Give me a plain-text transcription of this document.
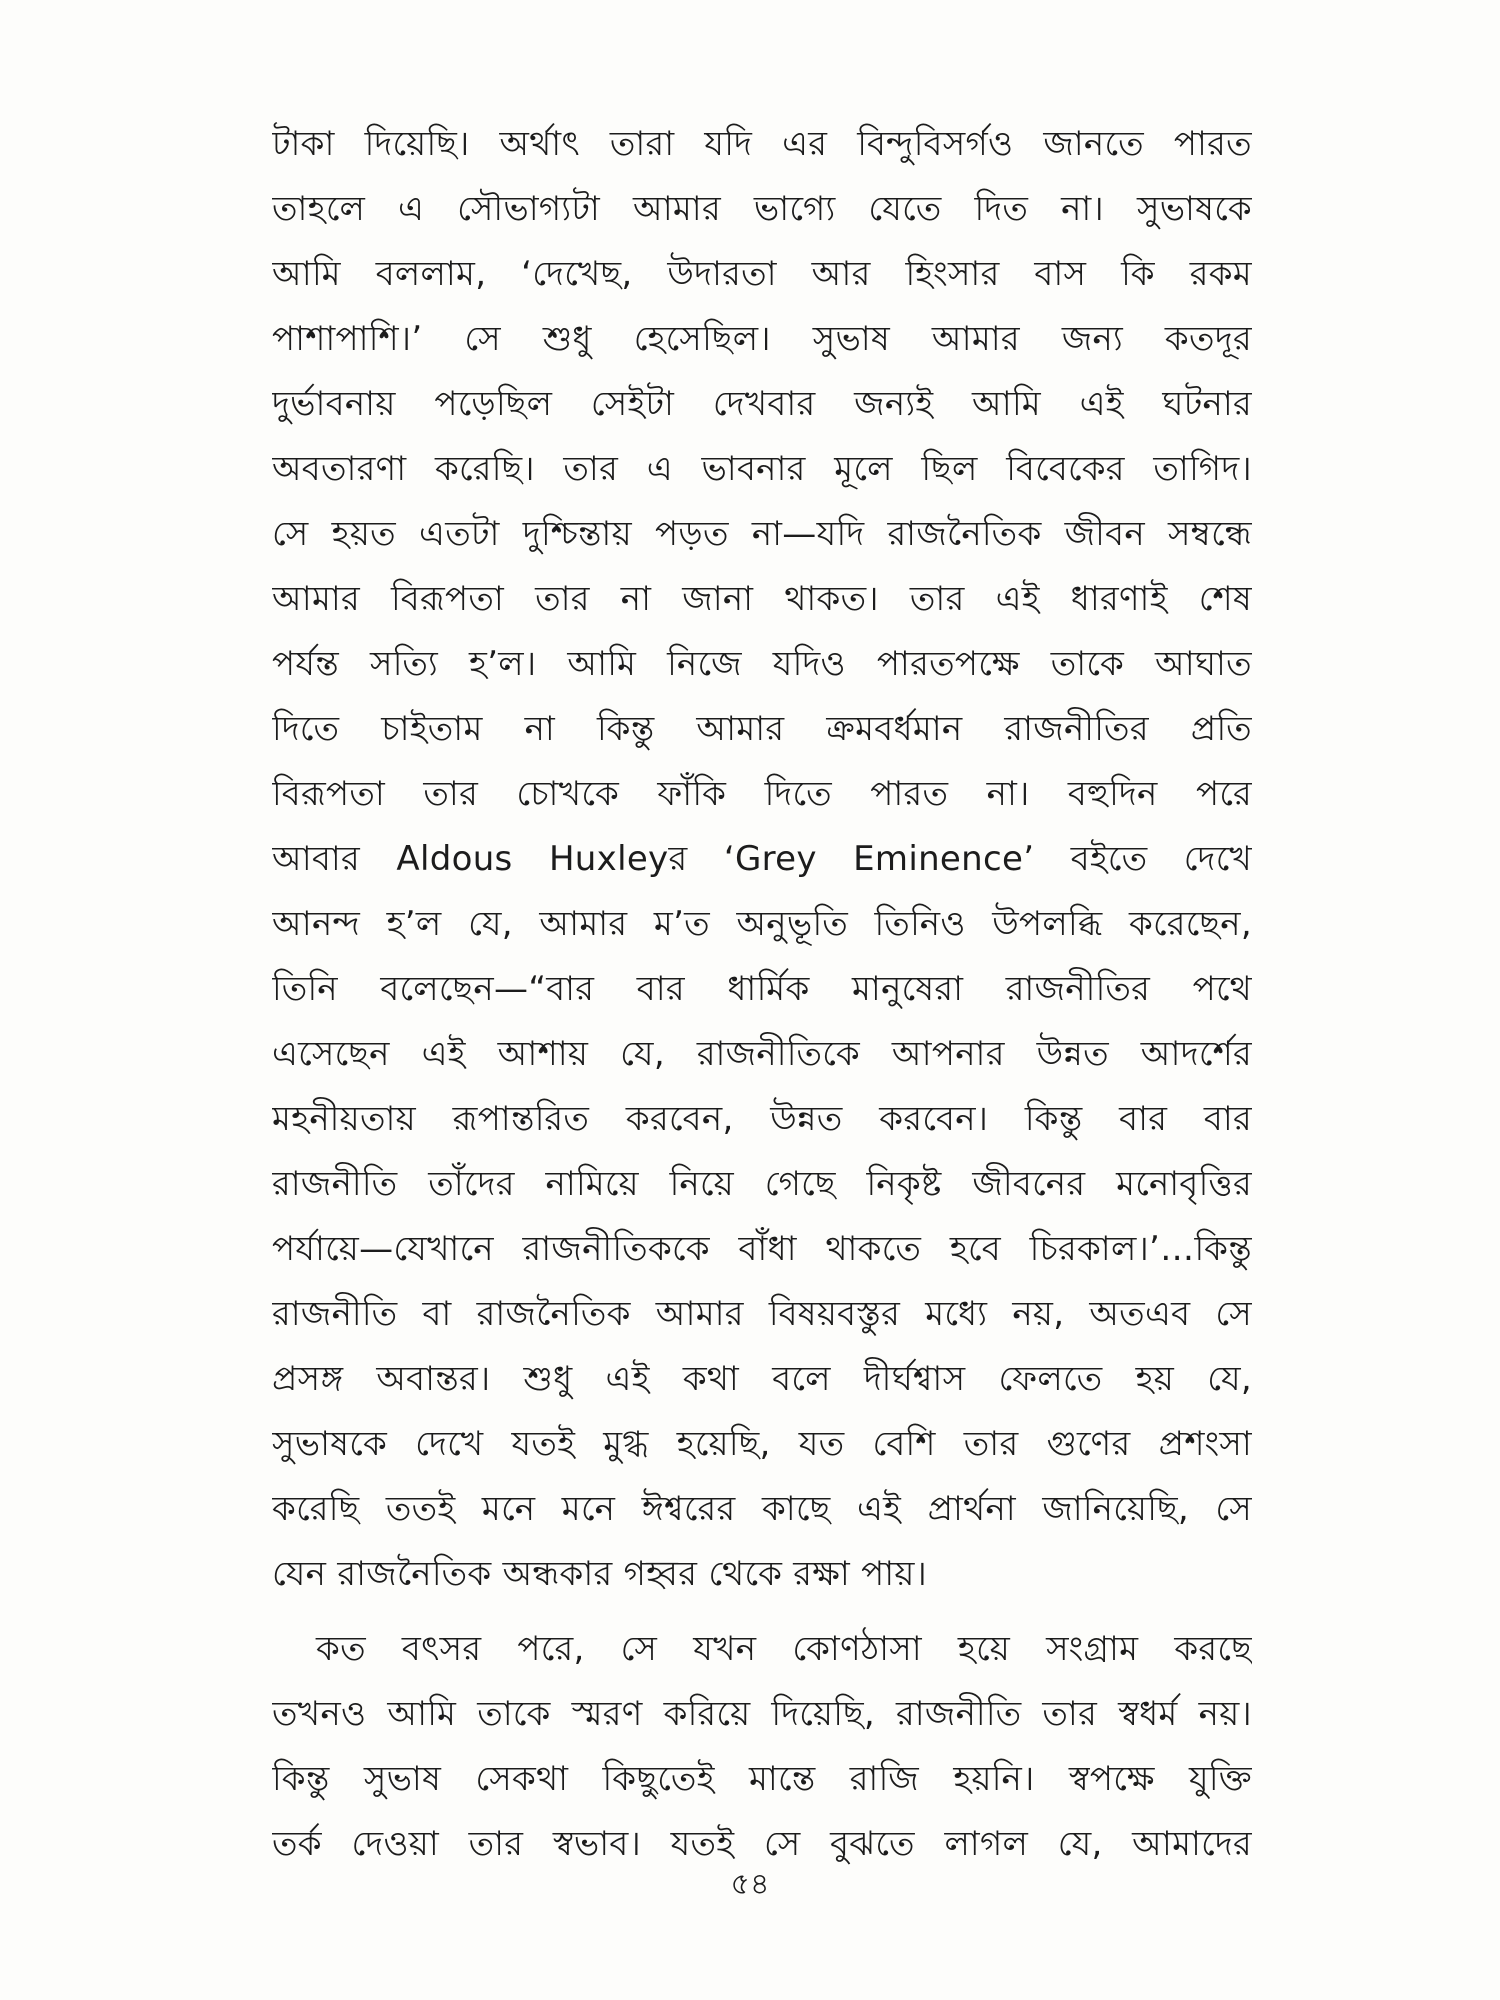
টাকা দিয়েছি। অর্থাৎ তারা যদি এর বিন্দুবিসর্গও জানতে পারত
তাহলে এ সৌভাগ্যটা আমার ভাগ্যে যেতে দিত না। সুভাষকে
আমি বললাম, ‘দেখেছ, উদারতা আর হিংসার বাস কি রকম
পাশাপাশি।’ সে শুধু হেসেছিল। সুভাষ আমার জন্য কতদূর
দুর্ভাবনায় পড়েছিল সেইটা দেখবার জন্যই আমি এই ঘটনার
অবতারণা করেছি। তার এ ভাবনার মূলে ছিল বিবেকের তাগিদ।
সে হয়ত এতটা দুশ্চিন্তায় পড়ত না—যদি রাজনৈতিক জীবন সম্বন্ধে
আমার বিরূপতা তার না জানা থাকত। তার এই ধারণাই শেষ
পর্যন্ত সত্যি হ’ল। আমি নিজে যদিও পারতপক্ষে তাকে আঘাত
দিতে চাইতাম না কিন্তু আমার ক্রমবর্ধমান রাজনীতির প্রতি
বিরূপতা তার চোখকে ফাঁকি দিতে পারত না। বহুদিন পরে
আবার Aldous Huxleyর ‘Grey Eminence’ বইতে দেখে
আনন্দ হ’ল যে, আমার ম’ত অনুভূতি তিনিও উপলব্ধি করেছেন,
তিনি বলেছেন—“বার বার ধার্মিক মানুষেরা রাজনীতির পথে
এসেছেন এই আশায় যে, রাজনীতিকে আপনার উন্নত আদর্শের
মহনীয়তায় রূপান্তরিত করবেন, উন্নত করবেন। কিন্তু বার বার
রাজনীতি তাঁদের নামিয়ে নিয়ে গেছে নিকৃষ্ট জীবনের মনোবৃত্তির
পর্যায়ে—যেখানে রাজনীতিককে বাঁধা থাকতে হবে চিরকাল।’…কিন্তু
রাজনীতি বা রাজনৈতিক আমার বিষয়বস্তুর মধ্যে নয়, অতএব সে
প্রসঙ্গ অবান্তর। শুধু এই কথা বলে দীর্ঘশ্বাস ফেলতে হয় যে,
সুভাষকে দেখে যতই মুগ্ধ হয়েছি, যত বেশি তার গুণের প্রশংসা
করেছি ততই মনে মনে ঈশ্বরের কাছে এই প্রার্থনা জানিয়েছি, সে
যেন রাজনৈতিক অন্ধকার গহ্বর থেকে রক্ষা পায়।
কত বৎসর পরে, সে যখন কোণঠাসা হয়ে সংগ্রাম করছে
তখনও আমি তাকে স্মরণ করিয়ে দিয়েছি, রাজনীতি তার স্বধর্ম নয়।
কিন্তু সুভাষ সেকথা কিছুতেই মান্তে রাজি হয়নি। স্বপক্ষে যুক্তি
তর্ক দেওয়া তার স্বভাব। যতই সে বুঝতে লাগল যে, আমাদের
৫৪
